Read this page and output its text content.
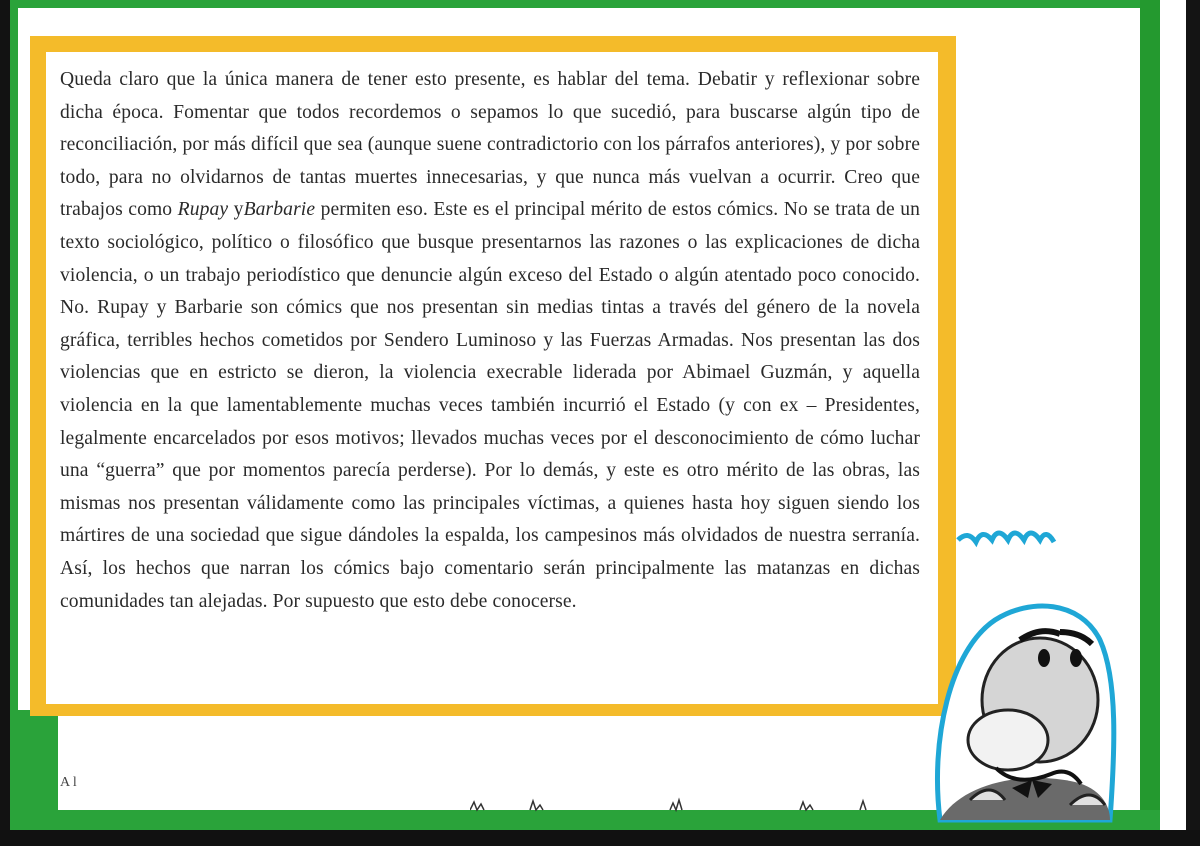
Queda claro que la única manera de tener esto presente, es hablar del tema. Debatir y reflexionar sobre dicha época. Fomentar que todos recordemos o sepamos lo que sucedió, para buscarse algún tipo de reconciliación, por más difícil que sea (aunque suene contradictorio con los párrafos anteriores), y por sobre todo, para no olvidarnos de tantas muertes innecesarias, y que nunca más vuelvan a ocurrir. Creo que trabajos como Rupay yBarbarie permiten eso. Este es el principal mérito de estos cómics. No se trata de un texto sociológico, político o filosófico que busque presentarnos las razones o las explicaciones de dicha violencia, o un trabajo periodístico que denuncie algún exceso del Estado o algún atentado poco conocido. No. Rupay y Barbarie son cómics que nos presentan sin medias tintas a través del género de la novela gráfica, terribles hechos cometidos por Sendero Luminoso y las Fuerzas Armadas. Nos presentan las dos violencias que en estricto se dieron, la violencia execrable liderada por Abimael Guzmán, y aquella violencia en la que lamentablemente muchas veces también incurrió el Estado (y con ex – Presidentes, legalmente encarcelados por esos motivos; llevados muchas veces por el desconocimiento de cómo luchar una “guerra” que por momentos parecía perderse). Por lo demás, y este es otro mérito de las obras, las mismas nos presentan válidamente como las principales víctimas, a quienes hasta hoy siguen siendo los mártires de una sociedad que sigue dándoles la espalda, los campesinos más olvidados de nuestra serranía. Así, los hechos que narran los cómics bajo comentario serán principalmente las matanzas en dichas comunidades tan alejadas. Por supuesto que esto debe conocerse.

A l
